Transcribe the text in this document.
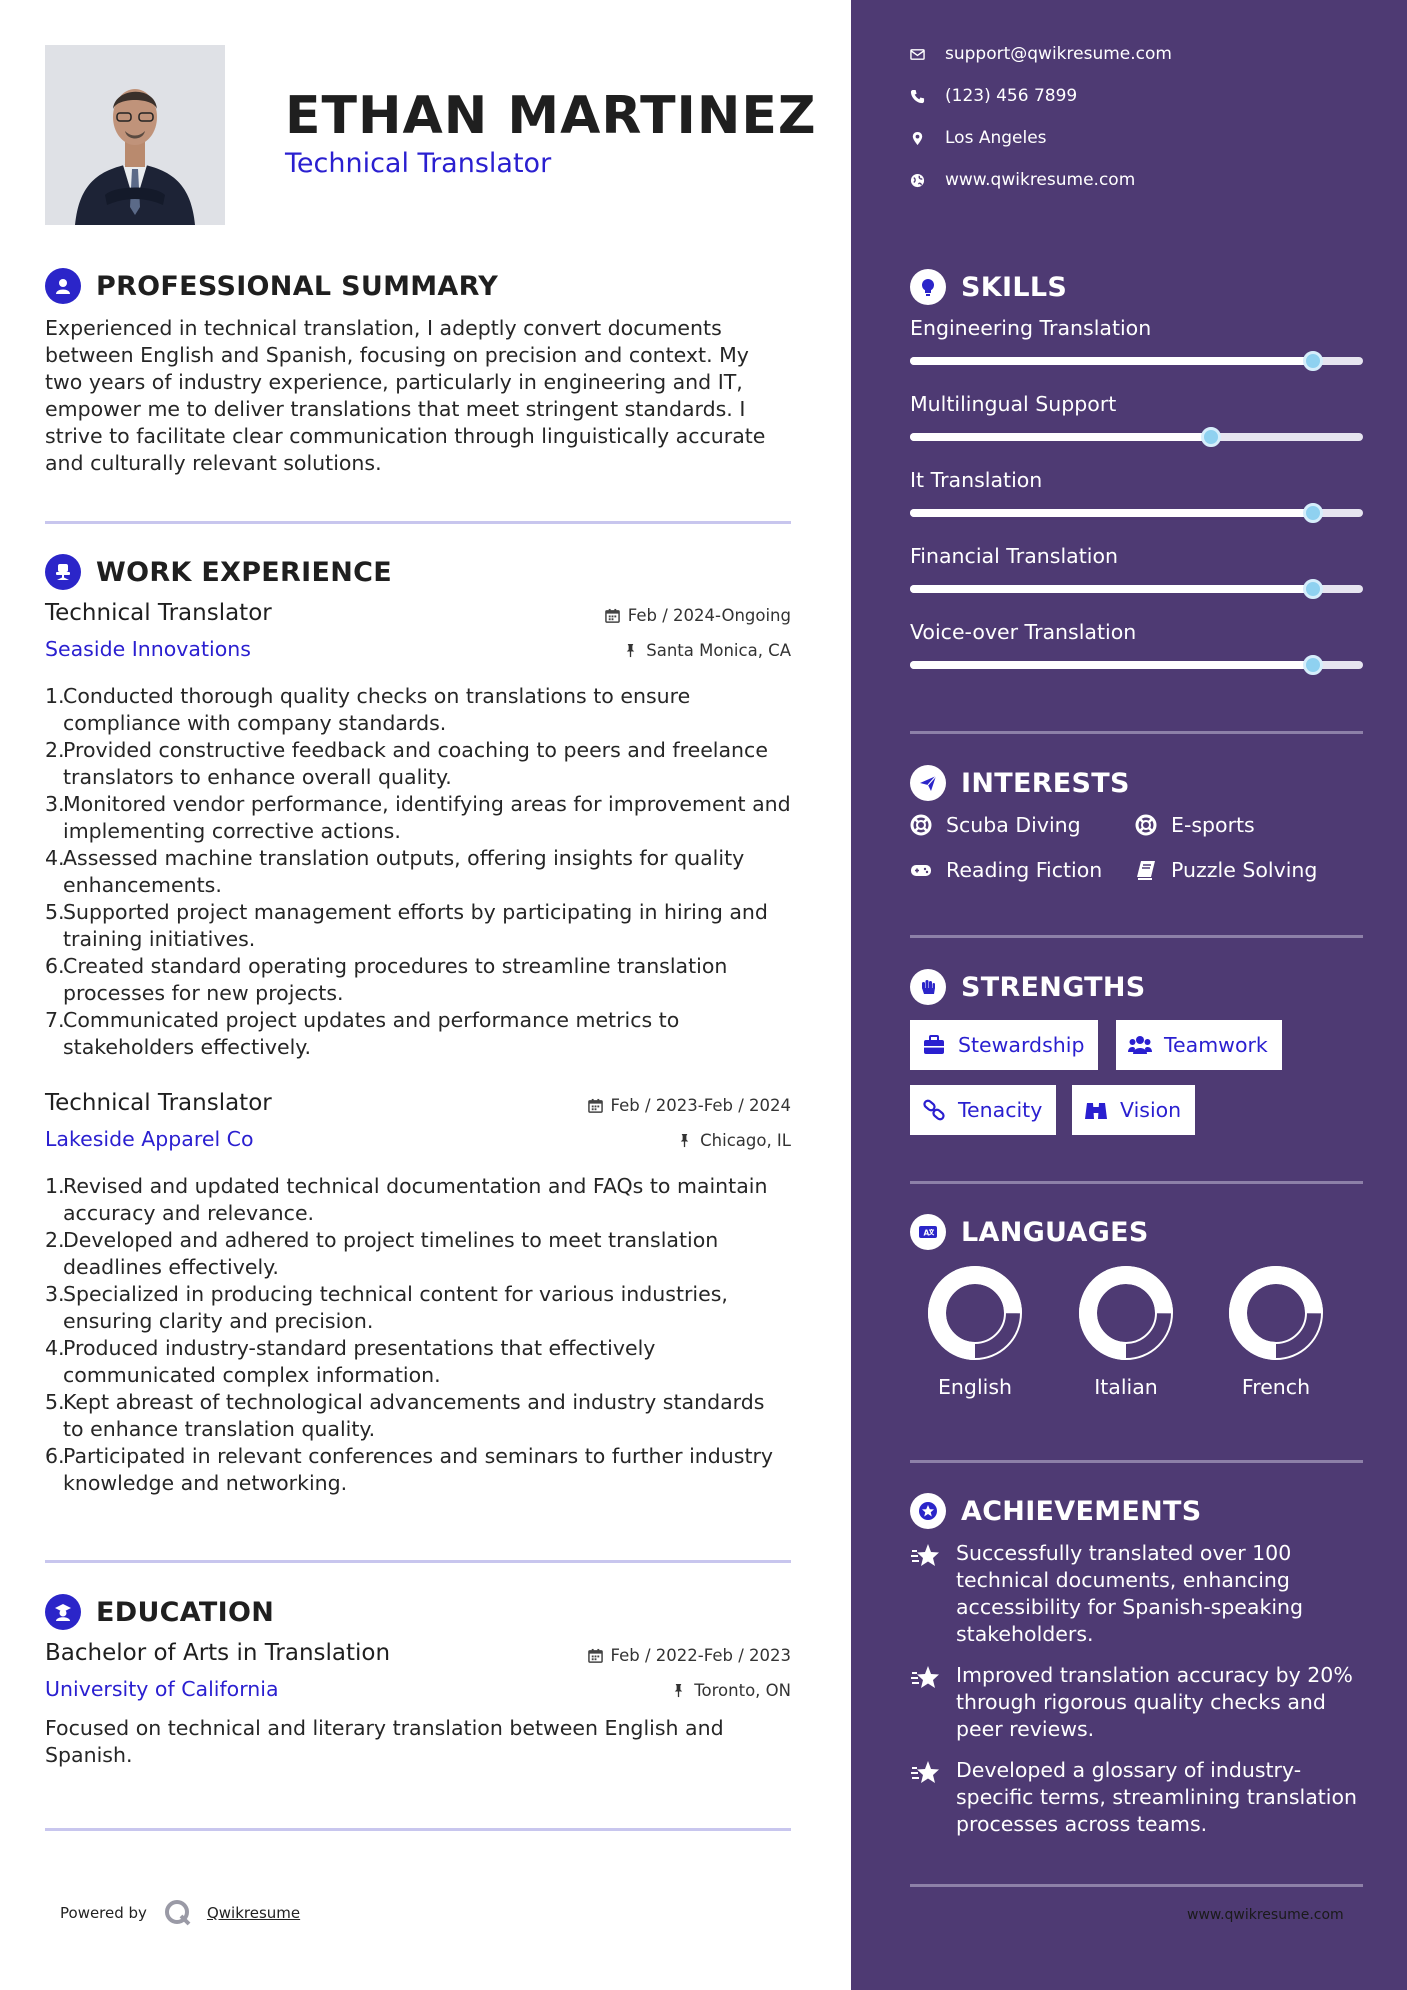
ETHAN MARTINEZ
Technical Translator
PROFESSIONAL SUMMARY
Experienced in technical translation, I adeptly convert documents between English and Spanish, focusing on precision and context. My two years of industry experience, particularly in engineering and IT, empower me to deliver translations that meet stringent standards. I strive to facilitate clear communication through linguistically accurate and culturally relevant solutions.
WORK EXPERIENCE
Technical Translator	Feb / 2024-Ongoing
Seaside Innovations	Santa Monica, CA
1.
Conducted thorough quality checks on translations to ensure compliance with company standards.
2.
Provided constructive feedback and coaching to peers and freelance translators to enhance overall quality.
3.
Monitored vendor performance, identifying areas for improvement and implementing corrective actions.
4.
Assessed machine translation outputs, offering insights for quality enhancements.
5.
Supported project management efforts by participating in hiring and training initiatives.
6.
Created standard operating procedures to streamline translation processes for new projects.
7.
Communicated project updates and performance metrics to stakeholders effectively.
Technical Translator	Feb / 2023-Feb / 2024
Lakeside Apparel Co	Chicago, IL
1.
Revised and updated technical documentation and FAQs to maintain accuracy and relevance.
2.
Developed and adhered to project timelines to meet translation deadlines effectively.
3.
Specialized in producing technical content for various industries, ensuring clarity and precision.
4.
Produced industry-standard presentations that effectively communicated complex information.
5.
Kept abreast of technological advancements and industry standards to enhance translation quality.
6.
Participated in relevant conferences and seminars to further industry knowledge and networking.
EDUCATION
Bachelor of Arts in Translation	Feb / 2022-Feb / 2023
University of California	Toronto, ON
Focused on technical and literary translation between English and Spanish.
Powered by	Qwikresume
support@qwikresume.com
(123) 456 7899
Los Angeles
www.qwikresume.com
SKILLS
Engineering Translation
Multilingual Support
It Translation
Financial Translation
Voice-over Translation
INTERESTS
Scuba Diving	E-sports
Reading Fiction	Puzzle Solving
STRENGTHS
Stewardship	Teamwork
Tenacity	Vision
A LANGUAGES
English	Italian	French
ACHIEVEMENTS
Successfully translated over 100 technical documents, enhancing accessibility for Spanish-speaking stakeholders.
Improved translation accuracy by 20% through rigorous quality checks and peer reviews.
Developed a glossary of industry-specific terms, streamlining translation processes across teams.
www.qwikresume.com
